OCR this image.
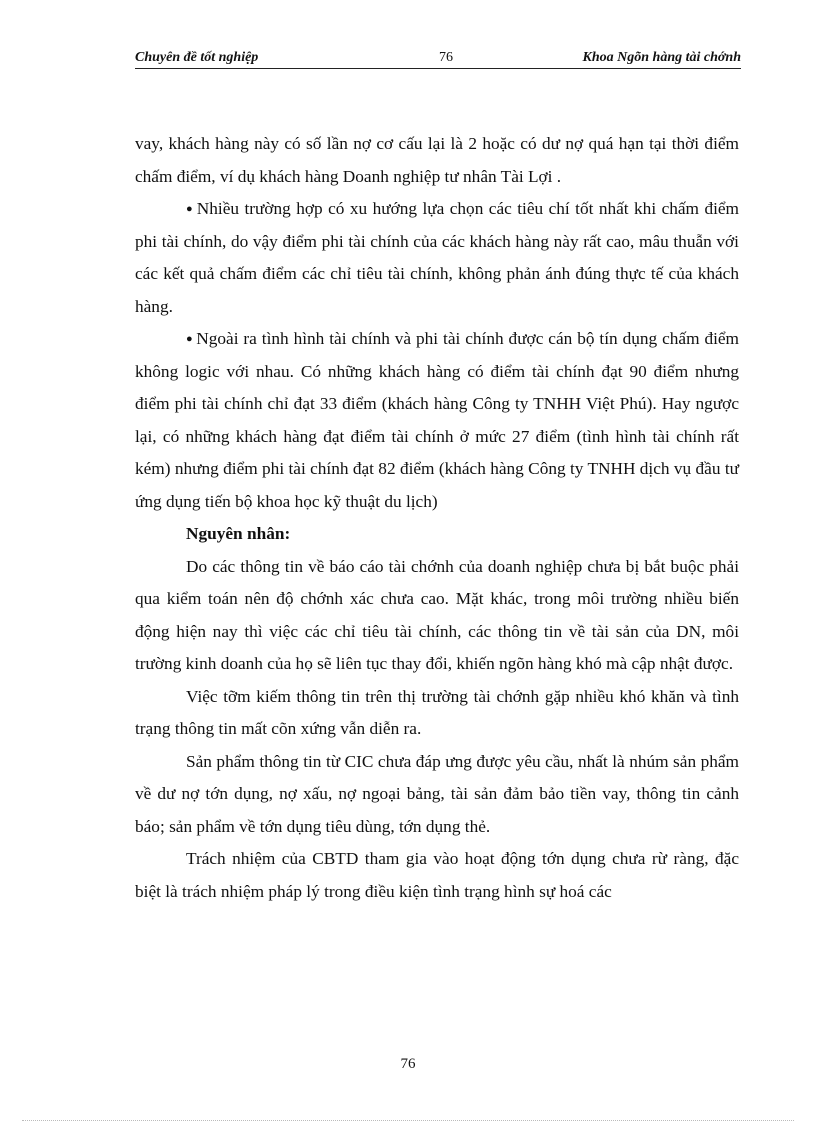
Chuyên đề tốt nghiệp	76	Khoa Ngõn hàng tài chớnh

vay, khách hàng này có số lần nợ cơ cấu lại là 2 hoặc có dư nợ quá hạn tại thời điểm chấm điểm, ví dụ khách hàng Doanh nghiệp tư nhân Tài Lợi .

● Nhiều trường hợp có xu hướng lựa chọn các tiêu chí tốt nhất khi chấm điểm phi tài chính, do vậy điểm phi tài chính của các khách hàng này rất cao, mâu thuẫn với các kết quả chấm điểm các chỉ tiêu tài chính, không phản ánh đúng thực tế của khách hàng.

● Ngoài ra tình hình tài chính và phi tài chính được cán bộ tín dụng chấm điểm không logic với nhau. Có những khách hàng có điểm tài chính đạt 90 điểm nhưng điểm phi tài chính chỉ đạt 33 điểm (khách hàng Công ty TNHH Việt Phú). Hay ngược lại, có những khách hàng đạt điểm tài chính ở mức 27 điểm (tình hình tài chính rất kém) nhưng điểm phi tài chính đạt 82 điểm (khách hàng Công ty TNHH dịch vụ đầu tư ứng dụng tiến bộ khoa học kỹ thuật du lịch)

Nguyên nhân:

Do các thông tin về báo cáo tài chớnh của doanh nghiệp chưa bị bắt buộc phải qua kiểm toán nên độ chớnh xác chưa cao. Mặt khác, trong môi trường nhiều biến động hiện nay thì việc các chỉ tiêu tài chính, các thông tin về tài sản của DN, môi trường kinh doanh của họ sẽ liên tục thay đổi, khiến ngõn hàng khó mà cập nhật được.

Việc tỡm kiếm thông tin trên thị trường tài chớnh gặp nhiều khó khăn và tình trạng thông tin mất cõn xứng vẫn diễn ra.

Sản phẩm thông tin từ CIC chưa đáp ưng được yêu cầu, nhất là nhúm sản phẩm về dư nợ tớn dụng, nợ xấu, nợ ngoại bảng, tài sản đảm bảo tiền vay, thông tin cảnh báo; sản phẩm về tớn dụng tiêu dùng, tớn dụng thẻ.

Trách nhiệm của CBTD tham gia vào hoạt động tớn dụng chưa rừ ràng, đặc biệt là trách nhiệm pháp lý trong điều kiện tình trạng hình sự hoá các

76
